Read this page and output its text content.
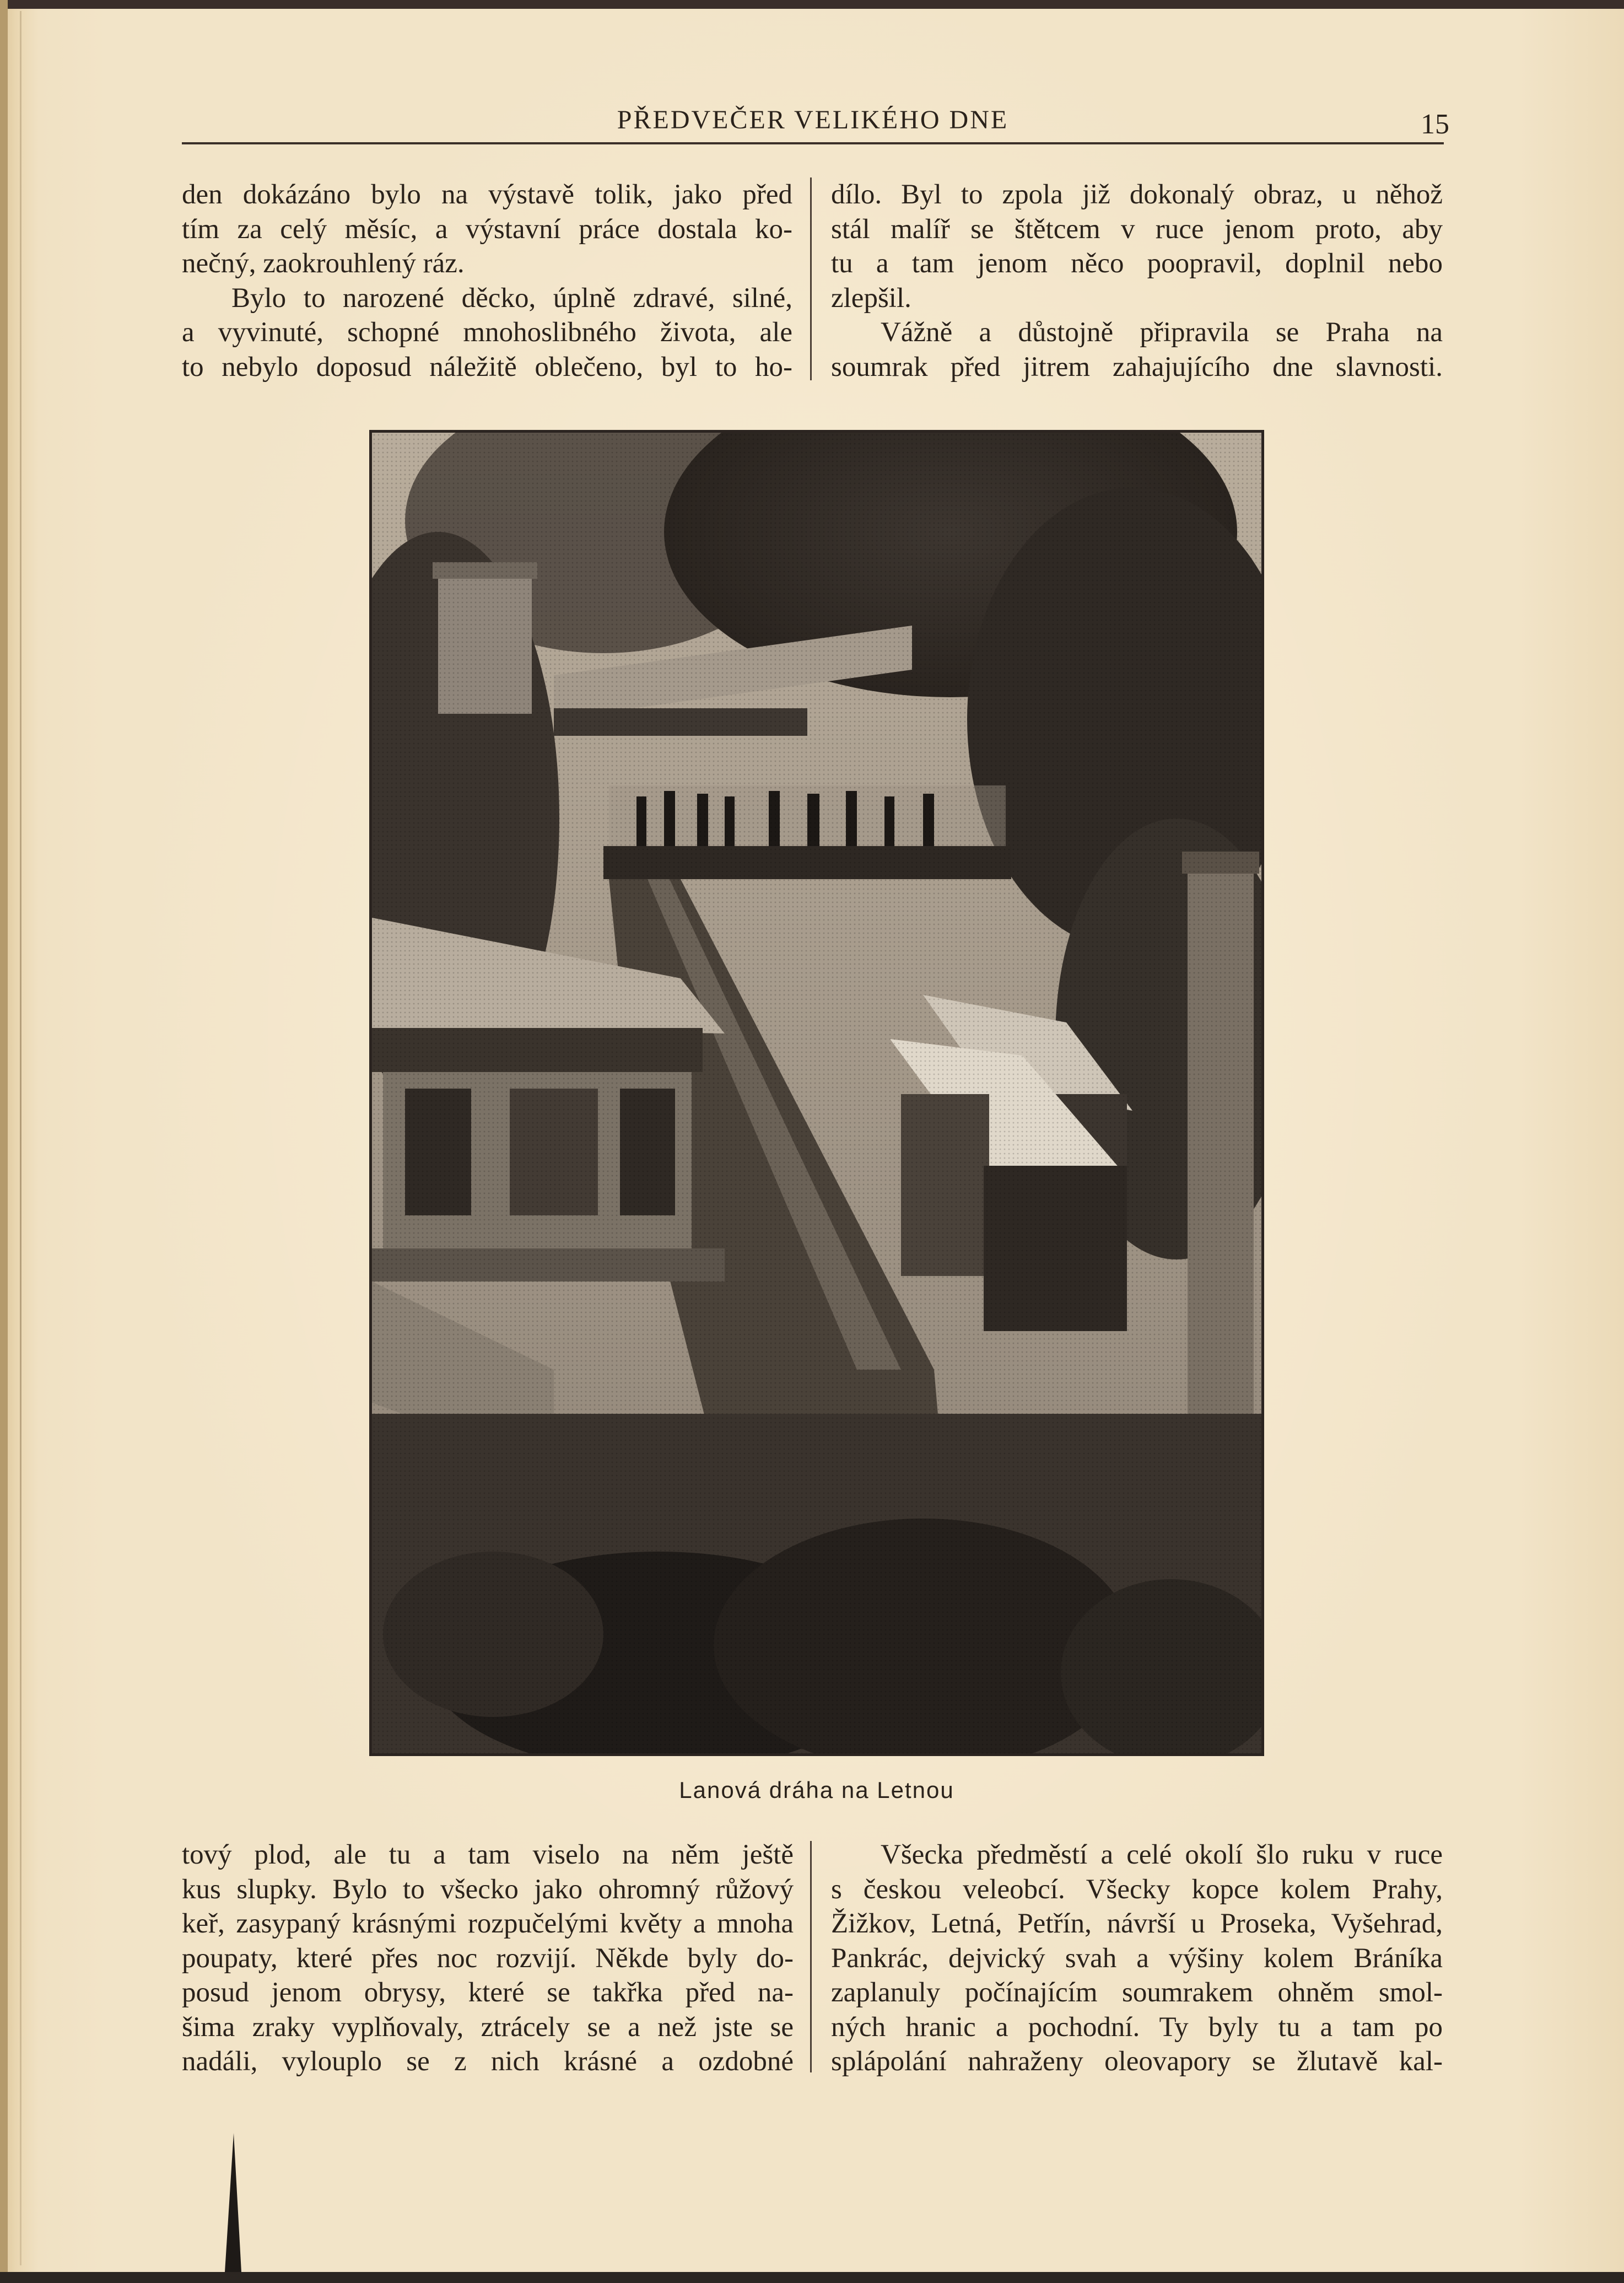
PŘEDVEČER VELIKÉHO DNE	15

den dokázáno bylo na výstavě tolik, jako před

tím za celý měsíc, a výstavní práce dostala ko-

nečný, zaokrouhlený ráz.

Bylo to narozené děcko, úplně zdravé, silné,

a vyvinuté, schopné mnohoslibného života, ale

to nebylo doposud náležitě oblečeno, byl to ho-

dílo. Byl to zpola již dokonalý obraz, u něhož

stál malíř se štětcem v ruce jenom proto, aby

tu a tam jenom něco poopravil, doplnil nebo

zlepšil.

Vážně a důstojně připravila se Praha na

soumrak před jitrem zahajujícího dne slavnosti.

Lanová dráha na Letnou

tový plod, ale tu a tam viselo na něm ještě

kus slupky. Bylo to všecko jako ohromný růžový

keř, zasypaný krásnými rozpučelými květy a mnoha

poupaty, které přes noc rozvijí. Někde byly do-

posud jenom obrysy, které se takřka před na-

šima zraky vyplňovaly, ztrácely se a než jste se

nadáli, vylouplo se z nich krásné a ozdobné

Všecka předměstí a celé okolí šlo ruku v ruce

s českou veleobcí. Všecky kopce kolem Prahy,

Žižkov, Letná, Petřín, návrší u Proseka, Vyšehrad,

Pankrác, dejvický svah a výšiny kolem Bráníka

zaplanuly počínajícím soumrakem ohněm smol-

ných hranic a pochodní. Ty byly tu a tam po

splápolání nahraženy oleovapory se žlutavě kal-
